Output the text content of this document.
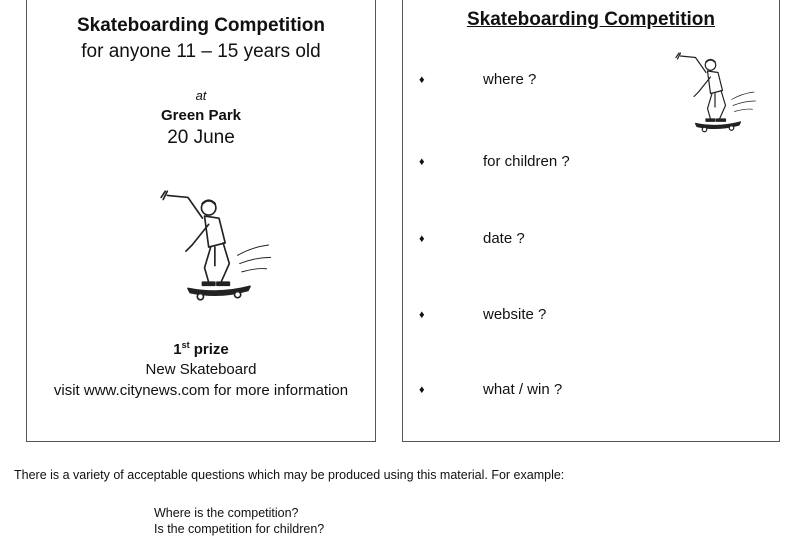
Skateboarding Competition
for anyone 11 – 15 years old
at
Green Park
20 June
1st prize
New Skateboard
visit www.citynews.com for more information
Skateboarding Competition
♦	where ?
♦	for children ?
♦	date ?
♦	website ?
♦	what / win ?
There is a variety of acceptable questions which may be produced using this material. For example:
Where is the competition?
Is the competition for children?
